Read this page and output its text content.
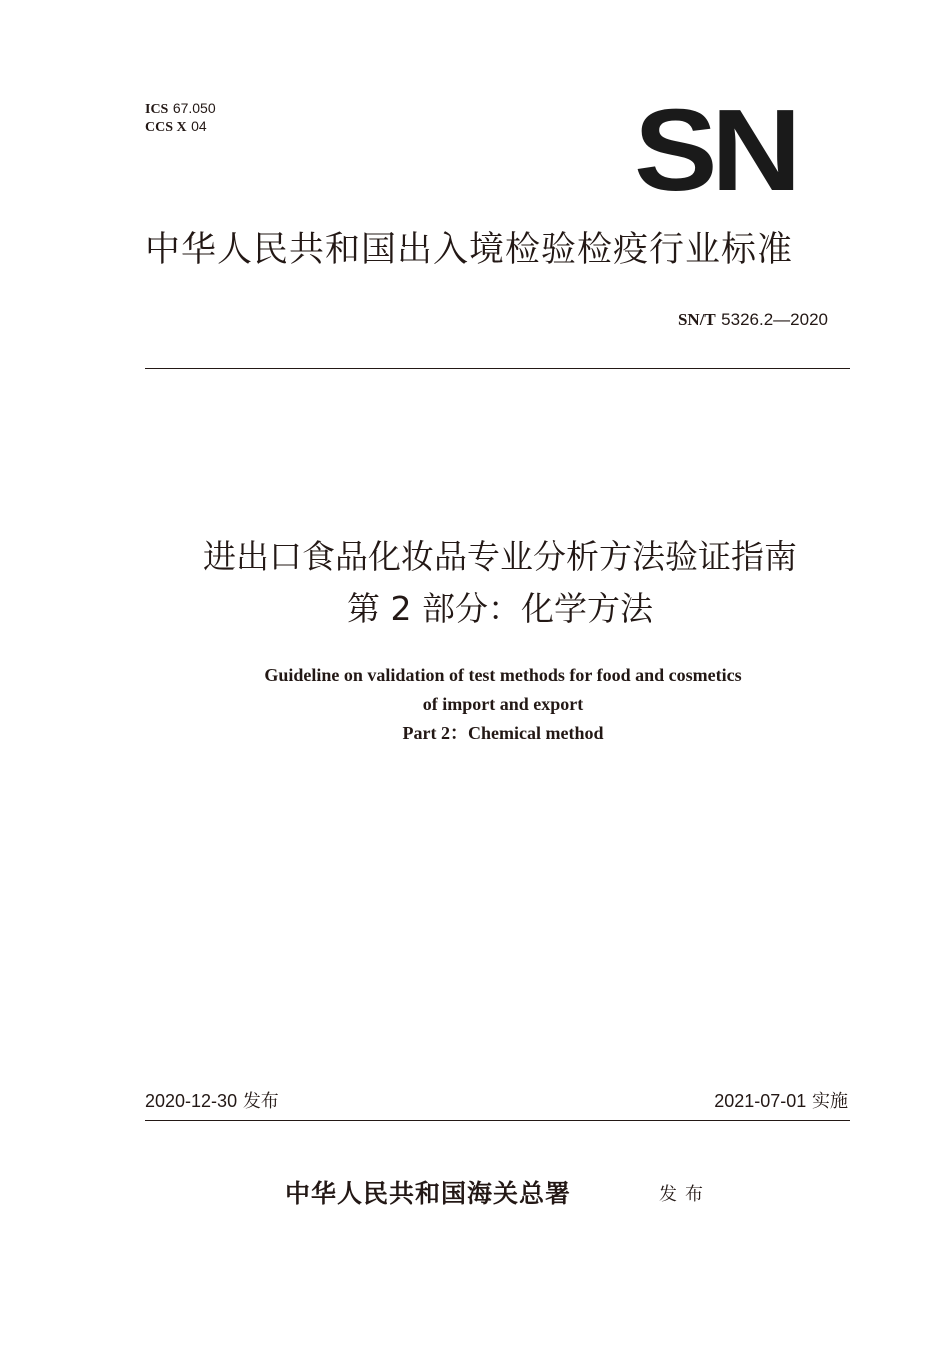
ICS 67.050
CCS X 04	SN
中华人民共和国出入境检验检疫行业标准
SN/T 5326.2—2020
进出口食品化妆品专业分析方法验证指南
第 2 部分：化学方法
Guideline on validation of test methods for food and cosmetics
of import and export
Part 2：Chemical method
2020-12-30 发布	2021-07-01 实施
中华人民共和国海关总署	发布
